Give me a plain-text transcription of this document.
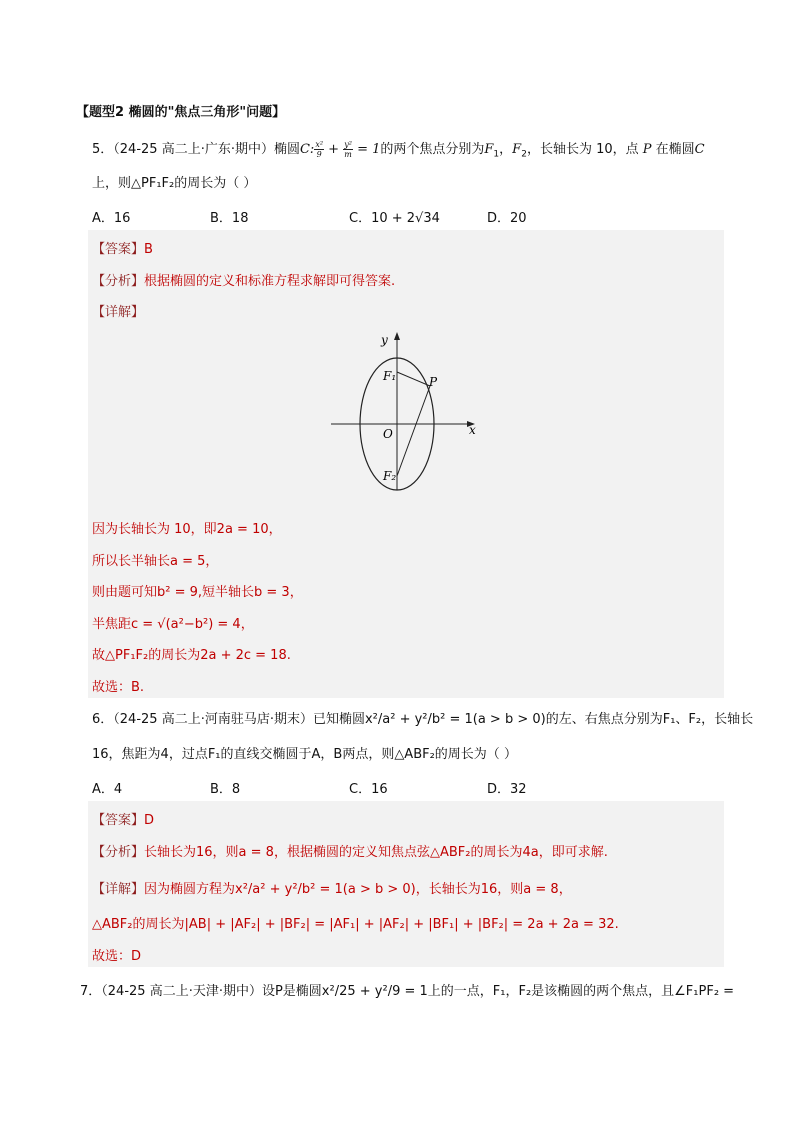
【题型2 椭圆的"焦点三角形"问题】
5．（24-25 高二上·广东·期中）椭圆C: $\frac{\text{x²}}{9} + \frac{\text{y²}}{m} = 1$的两个焦点分别为$F_1$，$F_2$，长轴长为 10，点 P 在椭圆C
上，则△PF₁F₂的周长为（ ）
A．16	B．18	C．10 + 2√34	D．20
【答案】B
【分析】根据椭圆的定义和标准方程求解即可得答案.
【详解】
y
x
O
P
F₁
F₂
因为长轴长为 10，即2a = 10，
所以长半轴长a = 5，
则由题可知b² = 9,短半轴长b = 3，
半焦距c = √(a²−b²) = 4，
故△PF₁F₂的周长为2a + 2c = 18.
故选：B.
6．（24-25 高二上·河南驻马店·期末）已知椭圆x²/a² + y²/b² = 1(a > b > 0)的左、右焦点分别为F₁、F₂，长轴长
16，焦距为4，过点F₁的直线交椭圆于A，B两点，则△ABF₂的周长为（ ）
A．4	B．8	C．16	D．32
【答案】D
【分析】长轴长为16，则a = 8，根据椭圆的定义知焦点弦△ABF₂的周长为4a，即可求解.
【详解】因为椭圆方程为x²/a² + y²/b² = 1(a > b > 0)，长轴长为16，则a = 8，
△ABF₂的周长为|AB| + |AF₂| + |BF₂| = |AF₁| + |AF₂| + |BF₁| + |BF₂| = 2a + 2a = 32.
故选：D
7．（24-25 高二上·天津·期中）设P是椭圆x²/25 + y²/9 = 1上的一点，F₁，F₂是该椭圆的两个焦点，且∠F₁PF₂ =
